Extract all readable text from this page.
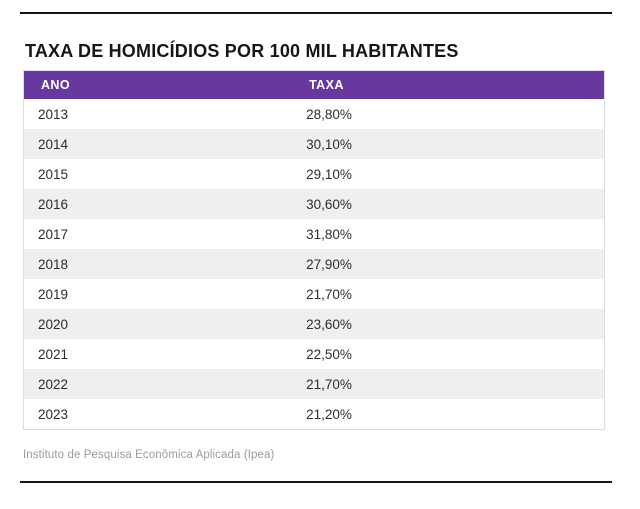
TAXA DE HOMICÍDIOS POR 100 MIL HABITANTES
ANO	TAXA
2013	28,80%
2014	30,10%
2015	29,10%
2016	30,60%
2017	31,80%
2018	27,90%
2019	21,70%
2020	23,60%
2021	22,50%
2022	21,70%
2023	21,20%
Instituto de Pesquisa Econômica Aplicada (Ipea)
